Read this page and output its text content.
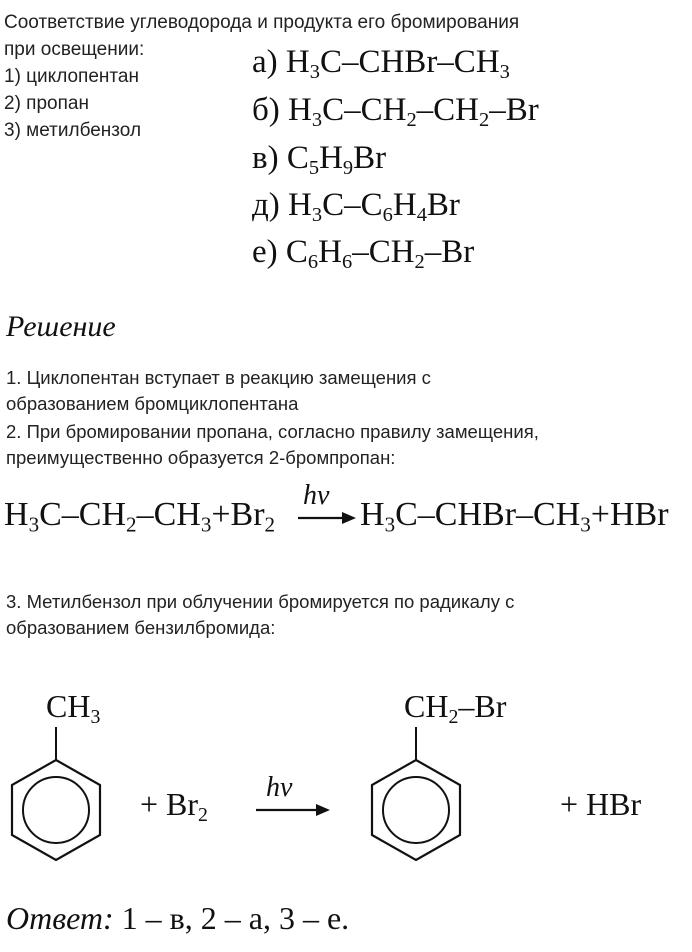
Соответствие углеводорода и продукта его бромирования
при освещении:
1) циклопентан
2) пропан
3) метилбензол
а) $H_3C-CHBr-CH_3$
б) $H_3C-CH_2-CH_2-Br$
в) $C_5H_9Br$
д) $H_3C-C_6H_4Br$
е) $C_6H_6-CH_2-Br$
Решение
1. Циклопентан вступает в реакцию замещения с
образованием бромциклопентана
2. При бромировании пропана, согласно правилу замещения,
преимущественно образуется 2-бромпропан:
$H_3C-CH_2-CH_3+Br_2$
hν
$H_3C-CHBr-CH_3+HBr$
3. Метилбензол при облучении бромируется по радикалу с
образованием бензилбромида:
$CH_3$
+ $Br_2$
hν
$CH_2-Br$
+ HBr
Ответ: 1 – в, 2 – а, 3 – е.
